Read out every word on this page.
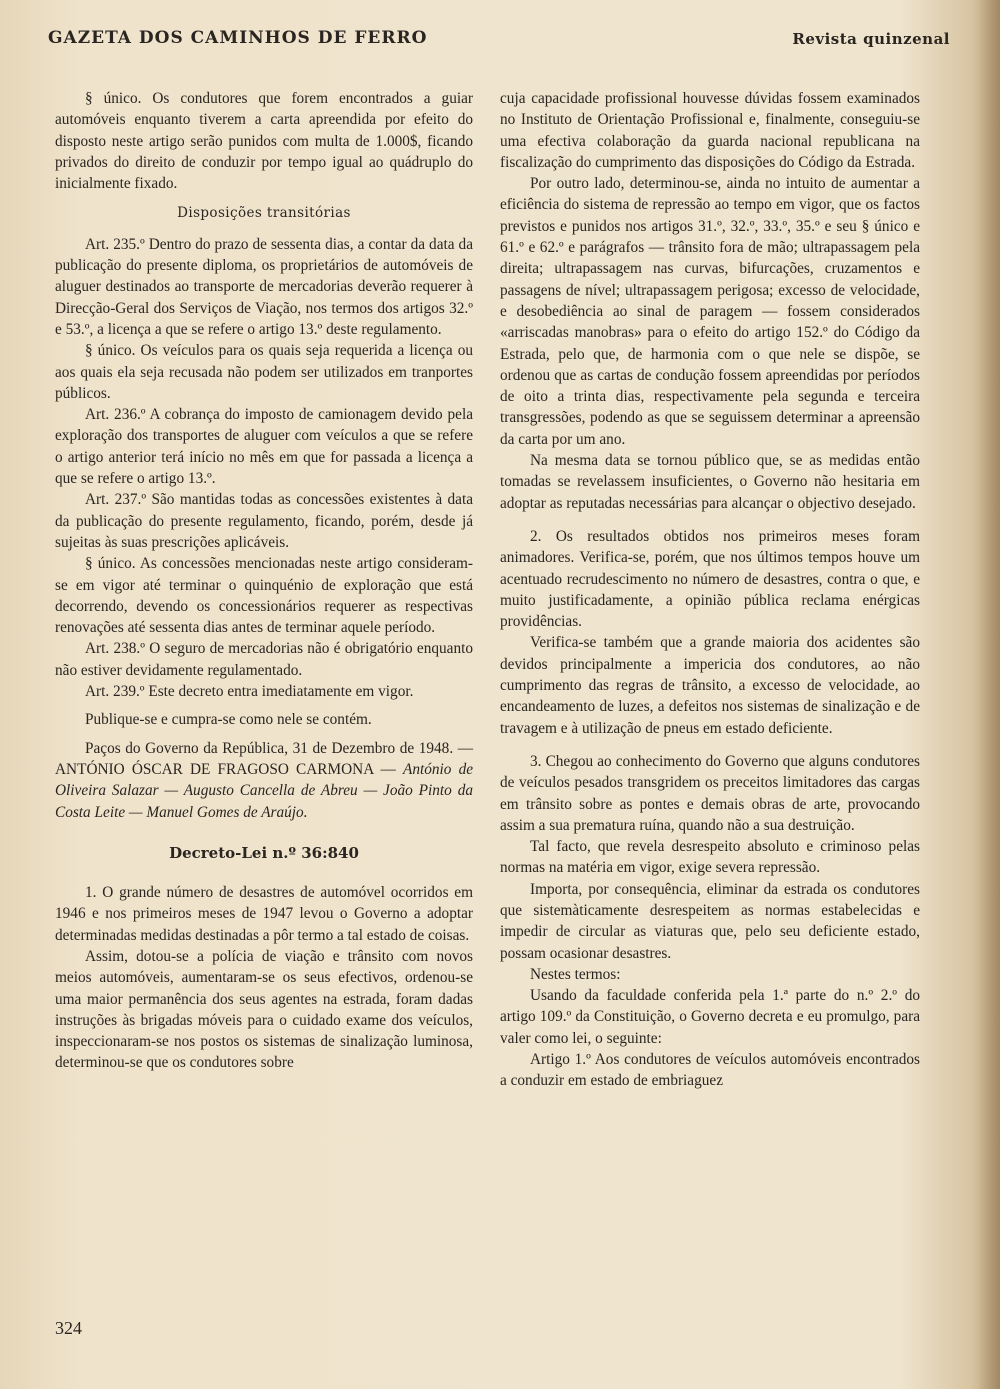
GAZETA DOS CAMINHOS DE FERRO	Revista quinzenal

§ único. Os condutores que forem encontrados a guiar automóveis enquanto tiverem a carta apreendida por efeito do disposto neste artigo serão punidos com multa de 1.000$, ficando privados do direito de conduzir por tempo igual ao quádruplo do inicialmente fixado.

Disposições transitórias

Art. 235.º Dentro do prazo de sessenta dias, a contar da data da publicação do presente diploma, os proprietários de automóveis de aluguer destinados ao transporte de mercadorias deverão requerer à Direcção-Geral dos Serviços de Viação, nos termos dos artigos 32.º e 53.º, a licença a que se refere o artigo 13.º deste regulamento.

§ único. Os veículos para os quais seja requerida a licença ou aos quais ela seja recusada não podem ser utilizados em tranportes públicos.

Art. 236.º A cobrança do imposto de camionagem devido pela exploração dos transportes de aluguer com veículos a que se refere o artigo anterior terá início no mês em que for passada a licença a que se refere o artigo 13.º.

Art. 237.º São mantidas todas as concessões existentes à data da publicação do presente regulamento, ficando, porém, desde já sujeitas às suas prescrições aplicáveis.

§ único. As concessões mencionadas neste artigo consideram-se em vigor até terminar o quinquénio de exploração que está decorrendo, devendo os concessionários requerer as respectivas renovações até sessenta dias antes de terminar aquele período.

Art. 238.º O seguro de mercadorias não é obrigatório enquanto não estiver devidamente regulamentado.

Art. 239.º Este decreto entra imediatamente em vigor.

Publique-se e cumpra-se como nele se contém.

Paços do Governo da República, 31 de Dezembro de 1948. — ANTÓNIO ÓSCAR DE FRAGOSO CARMONA — António de Oliveira Salazar — Augusto Cancella de Abreu — João Pinto da Costa Leite — Manuel Gomes de Araújo.

Decreto-Lei n.º 36:840

1. O grande número de desastres de automóvel ocorridos em 1946 e nos primeiros meses de 1947 levou o Governo a adoptar determinadas medidas destinadas a pôr termo a tal estado de coisas.

Assim, dotou-se a polícia de viação e trânsito com novos meios automóveis, aumentaram-se os seus efectivos, ordenou-se uma maior permanência dos seus agentes na estrada, foram dadas instruções às brigadas móveis para o cuidado exame dos veículos, inspeccionaram-se nos postos os sistemas de sinalização luminosa, determinou-se que os condutores sobre

cuja capacidade profissional houvesse dúvidas fossem examinados no Instituto de Orientação Profissional e, finalmente, conseguiu-se uma efectiva colaboração da guarda nacional republicana na fiscalização do cumprimento das disposições do Código da Estrada.

Por outro lado, determinou-se, ainda no intuito de aumentar a eficiência do sistema de repressão ao tempo em vigor, que os factos previstos e punidos nos artigos 31.º, 32.º, 33.º, 35.º e seu § único e 61.º e 62.º e parágrafos — trânsito fora de mão; ultrapassagem pela direita; ultrapassagem nas curvas, bifurcações, cruzamentos e passagens de nível; ultrapassagem perigosa; excesso de velocidade, e desobediência ao sinal de paragem — fossem considerados «arriscadas manobras» para o efeito do artigo 152.º do Código da Estrada, pelo que, de harmonia com o que nele se dispõe, se ordenou que as cartas de condução fossem apreendidas por períodos de oito a trinta dias, respectivamente pela segunda e terceira transgressões, podendo as que se seguissem determinar a apreensão da carta por um ano.

Na mesma data se tornou público que, se as medidas então tomadas se revelassem insuficientes, o Governo não hesitaria em adoptar as reputadas necessárias para alcançar o objectivo desejado.

2. Os resultados obtidos nos primeiros meses foram animadores. Verifica-se, porém, que nos últimos tempos houve um acentuado recrudescimento no número de desastres, contra o que, e muito justificadamente, a opinião pública reclama enérgicas providências.

Verifica-se também que a grande maioria dos acidentes são devidos principalmente a impericia dos condutores, ao não cumprimento das regras de trânsito, a excesso de velocidade, ao encandeamento de luzes, a defeitos nos sistemas de sinalização e de travagem e à utilização de pneus em estado deficiente.

3. Chegou ao conhecimento do Governo que alguns condutores de veículos pesados transgridem os preceitos limitadores das cargas em trânsito sobre as pontes e demais obras de arte, provocando assim a sua prematura ruína, quando não a sua destruição.

Tal facto, que revela desrespeito absoluto e criminoso pelas normas na matéria em vigor, exige severa repressão.

Importa, por consequência, eliminar da estrada os condutores que sistemàticamente desrespeitem as normas estabelecidas e impedir de circular as viaturas que, pelo seu deficiente estado, possam ocasionar desastres.

Nestes termos:

Usando da faculdade conferida pela 1.ª parte do n.º 2.º do artigo 109.º da Constituição, o Governo decreta e eu promulgo, para valer como lei, o seguinte:

Artigo 1.º Aos condutores de veículos automóveis encontrados a conduzir em estado de embriaguez

324
